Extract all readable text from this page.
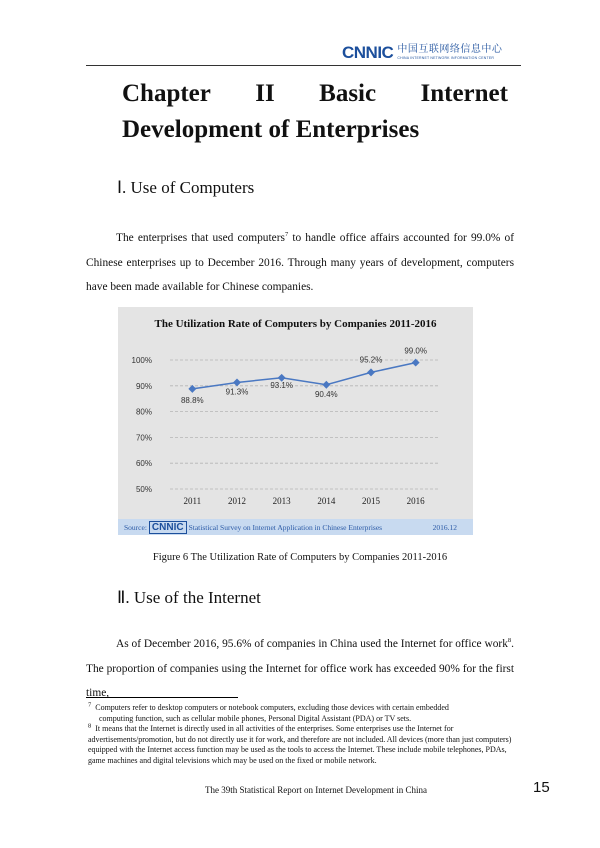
CNNIC 中国互联网络信息中心
CHINA INTERNET NETWORK INFORMATION CENTER
Chapter II Basic Internet
Development of Enterprises
Ⅰ. Use of Computers

The enterprises that used computers$^7$ to handle office affairs accounted for 99.0% of Chinese enterprises up to December 2016. Through many years of development, computers have been made available for Chinese companies.

The Utilization Rate of Computers by Companies 2011-2016
50%
60%
70%
80%
90%
100%
2011	2012	2013	2014	2015	2016
88.8%
91.3%
93.1%
90.4%
95.2%
99.0%
Source: CNNIC Statistical Survey on Internet Application in Chinese Enterprises	2016.12
Figure 6 The Utilization Rate of Computers by Companies 2011-2016
Ⅱ. Use of the Internet

As of December 2016, 95.6% of companies in China used the Internet for office work$^8$. The proportion of companies using the Internet for office work has exceeded 90% for the first time,

$^7$ Computers refer to desktop computers or notebook computers, excluding those devices with certain embedded
computing function, such as cellular mobile phones, Personal Digital Assistant (PDA) or TV sets.
$^8$ It means that the Internet is directly used in all activities of the enterprises. Some enterprises use the Internet for advertisements/promotion, but do not directly use it for work, and therefore are not included. All devices (more than just computers) equipped with the Internet access function may be used as the tools to access the Internet. These include mobile telephones, PDAs, game machines and digital televisions which may be used on the fixed or mobile network.
The 39th Statistical Report on Internet Development in China	15
